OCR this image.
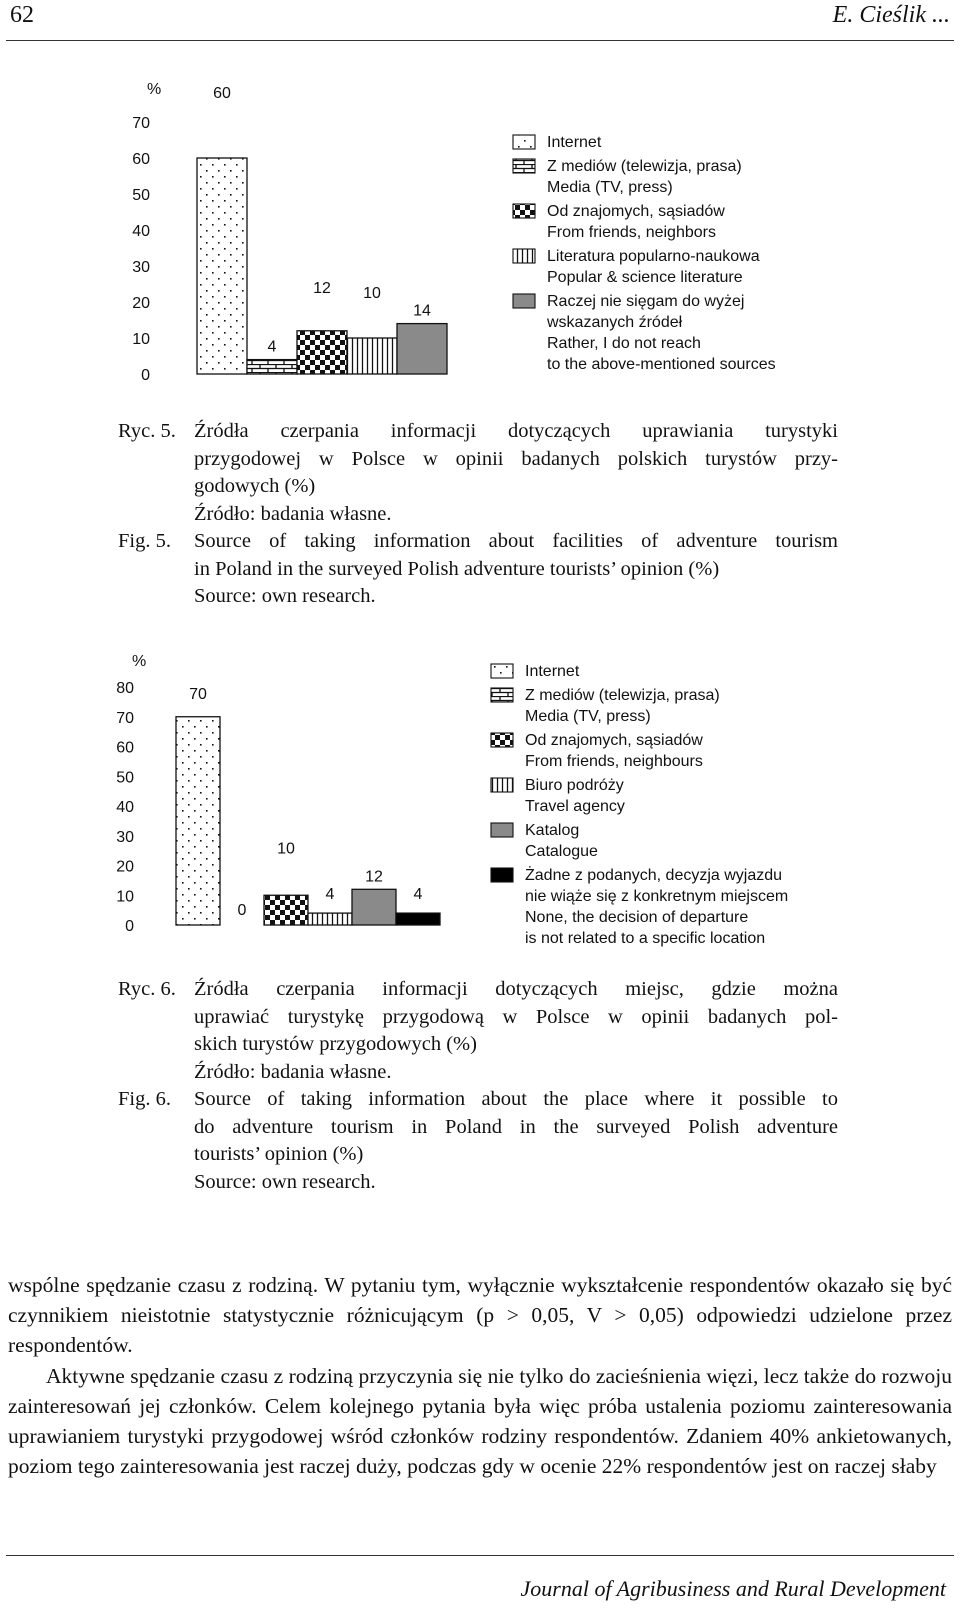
62	E. Cieślik ...
%
0
10
20
30
40
50
60
70
60
4
12 10
14
Internet
Z mediów (telewizja, prasa)
Media (TV, press)
Od znajomych, sąsiadów
From friends, neighbors
Literatura popularno-naukowa
Popular & science literature
Raczej nie sięgam do wyżej
wskazanych źródeł
Rather, I do not reach
to the above-mentioned sources
Ryc. 5. Źródła czerpania informacji dotyczących uprawiania turystyki
przygodowej w Polsce w opinii badanych polskich turystów przy-
godowych (%)
Źródło: badania własne.
Fig. 5.	Source of taking information about facilities of adventure tourism
in Poland in the surveyed Polish adventure tourists’ opinion (%)
Source: own research.
%
0
10
20
30
40
50
60
70
80	70
0
10
4
12
4
Internet
Z mediów (telewizja, prasa)
Media (TV, press)
Od znajomych, sąsiadów
From friends, neighbours
Biuro podróży
Travel agency
Katalog
Catalogue
Żadne z podanych, decyzja wyjazdu
nie wiąże się z konkretnym miejscem
None, the decision of departure
is not related to a specific location
Ryc. 6. Źródła czerpania informacji dotyczących miejsc, gdzie można
uprawiać turystykę przygodową w Polsce w opinii badanych pol-
skich turystów przygodowych (%)
Źródło: badania własne.
Fig. 6.	Source of taking information about the place where it possible to
do adventure tourism in Poland in the surveyed Polish adventure
tourists’ opinion (%)
Source: own research.

wspólne spędzanie czasu z rodziną. W pytaniu tym, wyłącznie wykształcenie respondentów okazało się być czynnikiem nieistotnie statystycznie różnicującym (p > 0,05, V > 0,05) odpowiedzi udzielone przez respondentów.

Aktywne spędzanie czasu z rodziną przyczynia się nie tylko do zacieśnienia więzi, lecz także do rozwoju zainteresowań jej członków. Celem kolejnego pytania była więc próba ustalenia poziomu zainteresowania uprawianiem turystyki przygodowej wśród członków rodziny respondentów. Zdaniem 40% ankietowanych, poziom tego zainteresowania jest raczej duży, podczas gdy w ocenie 22% respondentów jest on raczej słaby

Journal of Agribusiness and Rural Development
